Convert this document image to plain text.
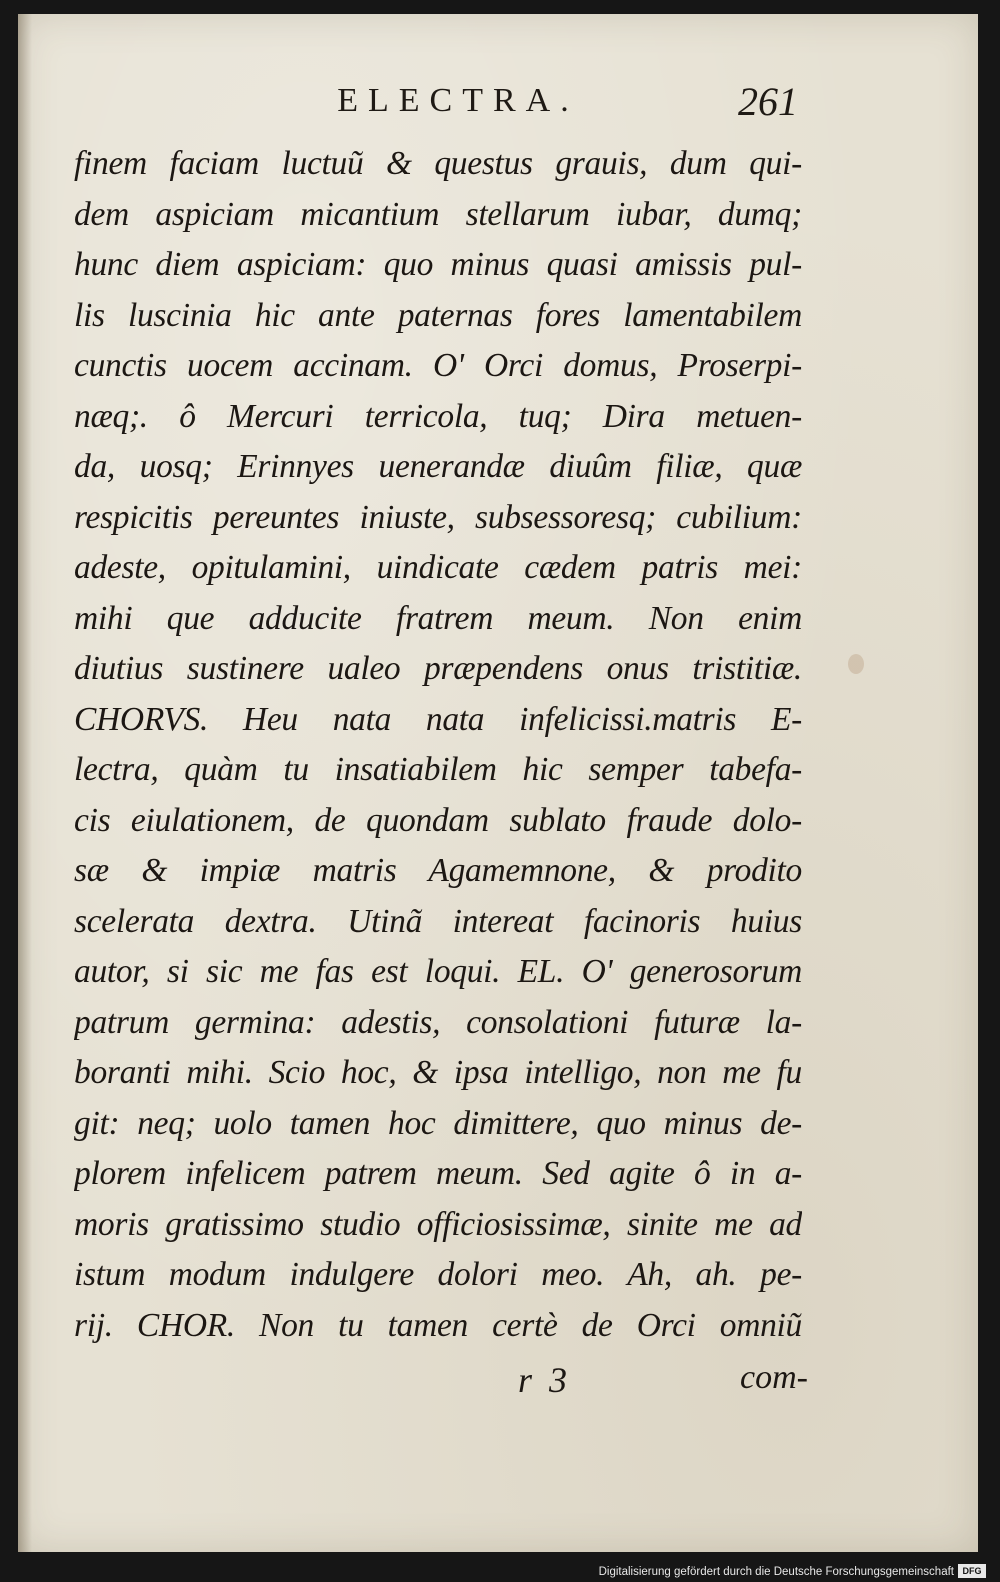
ELECTRA.	261
finem faciam luctuũ & questus grauis, dum qui-
dem aspiciam micantium stellarum iubar, dumq;
hunc diem aspiciam: quo minus quasi amissis pul-
lis luscinia hic ante paternas fores lamentabilem
cunctis uocem accinam. O' Orci domus, Proserpi-
næq;. ô Mercuri terricola, tuq; Dira metuen-
da, uosq; Erinnyes uenerandæ diuûm filiæ, quæ
respicitis pereuntes iniuste, subsessoresq; cubilium:
adeste, opitulamini, uindicate cædem patris mei:
mihi que adducite fratrem meum. Non enim
diutius sustinere ualeo præpendens onus tristitiæ.
CHORVS. Heu nata nata infelicissi.matris E-
lectra, quàm tu insatiabilem hic semper tabefa-
cis eiulationem, de quondam sublato fraude dolo-
sæ & impiæ matris Agamemnone, & prodito
scelerata dextra. Utinã intereat facinoris huius
autor, si sic me fas est loqui. EL. O' generosorum
patrum germina: adestis, consolationi futuræ la-
boranti mihi. Scio hoc, & ipsa intelligo, non me fu
git: neq; uolo tamen hoc dimittere, quo minus de-
plorem infelicem patrem meum. Sed agite ô in a-
moris gratissimo studio officiosissimæ, sinite me ad
istum modum indulgere dolori meo. Ah, ah. pe-
rij. CHOR. Non tu tamen certè de Orci omniũ
r 3	com-
Digitalisierung gefördert durch die Deutsche Forschungsgemeinschaft DFG
